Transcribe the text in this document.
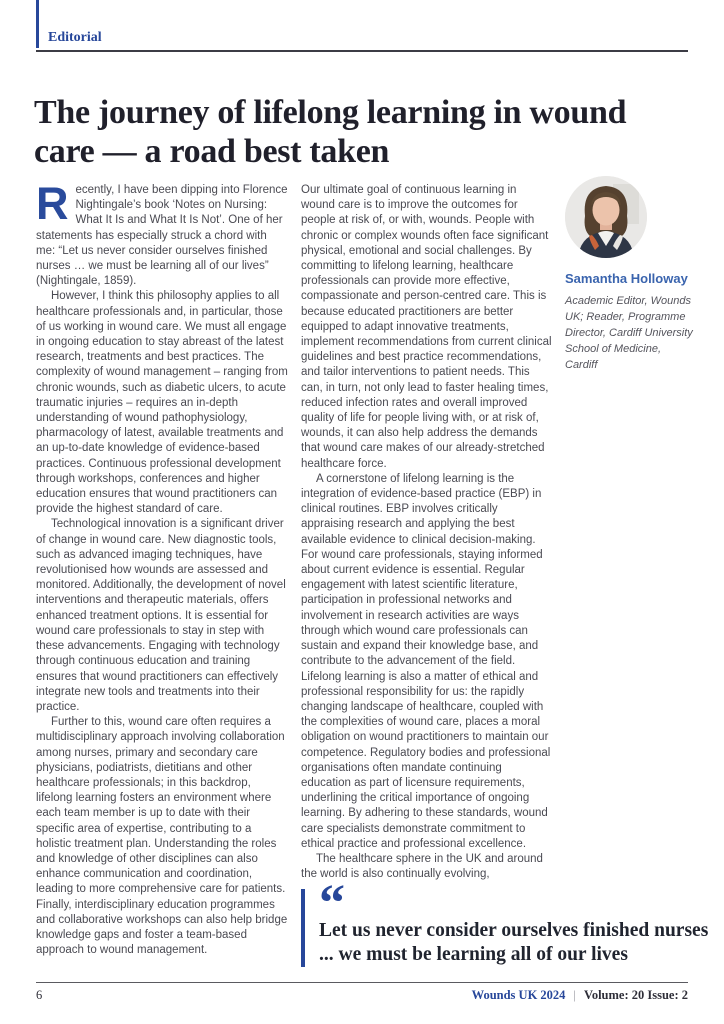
Editorial
The journey of lifelong learning in wound care — a road best taken

Recently, I have been dipping into Florence Nightingale’s book ‘Notes on Nursing: What It Is and What It Is Not’. One of her statements has especially struck a chord with me: “Let us never consider ourselves finished nurses … we must be learning all of our lives” (Nightingale, 1859).

However, I think this philosophy applies to all healthcare professionals and, in particular, those of us working in wound care. We must all engage in ongoing education to stay abreast of the latest research, treatments and best practices. The complexity of wound management – ranging from chronic wounds, such as diabetic ulcers, to acute traumatic injuries – requires an in-depth understanding of wound pathophysiology, pharmacology of latest, available treatments and an up-to-date knowledge of evidence-based practices. Continuous professional development through workshops, conferences and higher education ensures that wound practitioners can provide the highest standard of care.

Technological innovation is a significant driver of change in wound care. New diagnostic tools, such as advanced imaging techniques, have revolutionised how wounds are assessed and monitored. Additionally, the development of novel interventions and therapeutic materials, offers enhanced treatment options. It is essential for wound care professionals to stay in step with these advancements. Engaging with technology through continuous education and training ensures that wound practitioners can effectively integrate new tools and treatments into their practice.

Further to this, wound care often requires a multidisciplinary approach involving collaboration among nurses, primary and secondary care physicians, podiatrists, dietitians and other healthcare professionals; in this backdrop, lifelong learning fosters an environment where each team member is up to date with their specific area of expertise, contributing to a holistic treatment plan. Understanding the roles and knowledge of other disciplines can also enhance communication and coordination, leading to more comprehensive care for patients. Finally, interdisciplinary education programmes and collaborative workshops can also help bridge knowledge gaps and foster a team-based approach to wound management.

Our ultimate goal of continuous learning in wound care is to improve the outcomes for people at risk of, or with, wounds. People with chronic or complex wounds often face significant physical, emotional and social challenges. By committing to lifelong learning, healthcare professionals can provide more effective, compassionate and person-centred care. This is because educated practitioners are better equipped to adapt innovative treatments, implement recommendations from current clinical guidelines and best practice recommendations, and tailor interventions to patient needs. This can, in turn, not only lead to faster healing times, reduced infection rates and overall improved quality of life for people living with, or at risk of, wounds, it can also help address the demands that wound care makes of our already-stretched healthcare force.

A cornerstone of lifelong learning is the integration of evidence-based practice (EBP) in clinical routines. EBP involves critically appraising research and applying the best available evidence to clinical decision-making. For wound care professionals, staying informed about current evidence is essential. Regular engagement with latest scientific literature, participation in professional networks and involvement in research activities are ways through which wound care professionals can sustain and expand their knowledge base, and contribute to the advancement of the field. Lifelong learning is also a matter of ethical and professional responsibility for us: the rapidly changing landscape of healthcare, coupled with the complexities of wound care, places a moral obligation on wound practitioners to maintain our competence. Regulatory bodies and professional organisations often mandate continuing education as part of licensure requirements, underlining the critical importance of ongoing learning. By adhering to these standards, wound care specialists demonstrate commitment to ethical practice and professional excellence.

The healthcare sphere in the UK and around the world is also continually evolving,

Samantha Holloway
Academic Editor, Wounds UK; Reader, Programme Director, Cardiff University School of Medicine, Cardiff
“
Let us never consider ourselves finished nurses ... we must be learning all of our lives
6	Wounds UK 2024 | Volume: 20 Issue: 2
